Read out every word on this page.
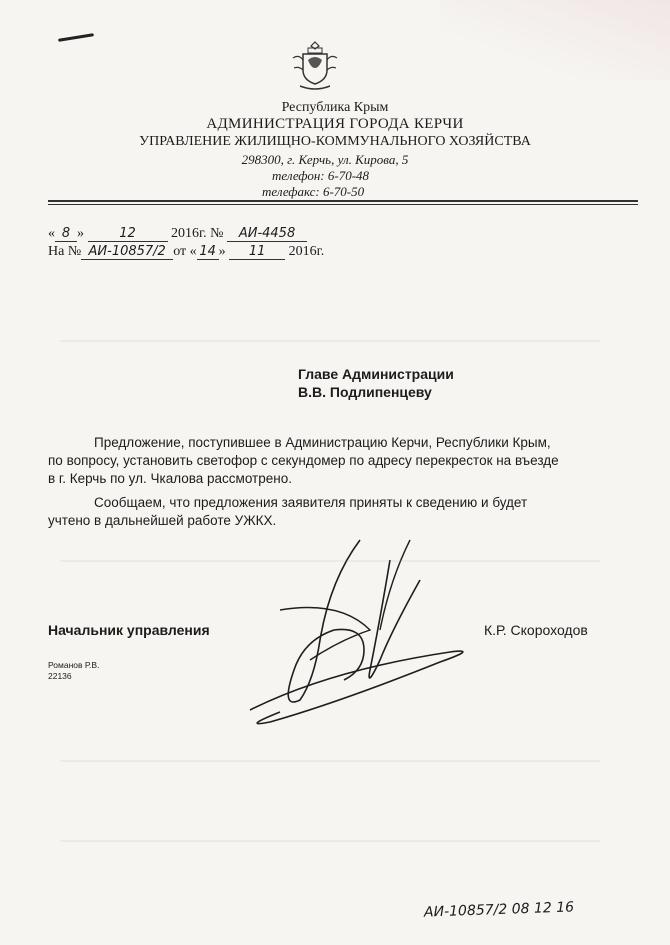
Республика Крым
АДМИНИСТРАЦИЯ ГОРОДА КЕРЧИ
УПРАВЛЕНИЕ ЖИЛИЩНО-КОММУНАЛЬНОГО ХОЗЯЙСТВА
298300, г. Керчь, ул. Кирова, 5
телефон: 6-70-48
телефакс: 6-70-50
« 8 »	12	2016г. № АИ-4458
На № АИ-10857/2 от « 14 » 11 2016г.
Главе Администрации
В.В. Подлипенцеву
Предложение, поступившее в Администрацию Керчи, Республики Крым,
по вопросу, установить светофор с секундомер по адресу перекресток на въезде
в г. Керчь по ул. Чкалова рассмотрено.
Сообщаем, что предложения заявителя приняты к сведению и будет
учтено в дальнейшей работе УЖКХ.
Начальник управления	К.Р. Скороходов
Романов Р.В.
22136
АИ-10857/2 08 12 16
